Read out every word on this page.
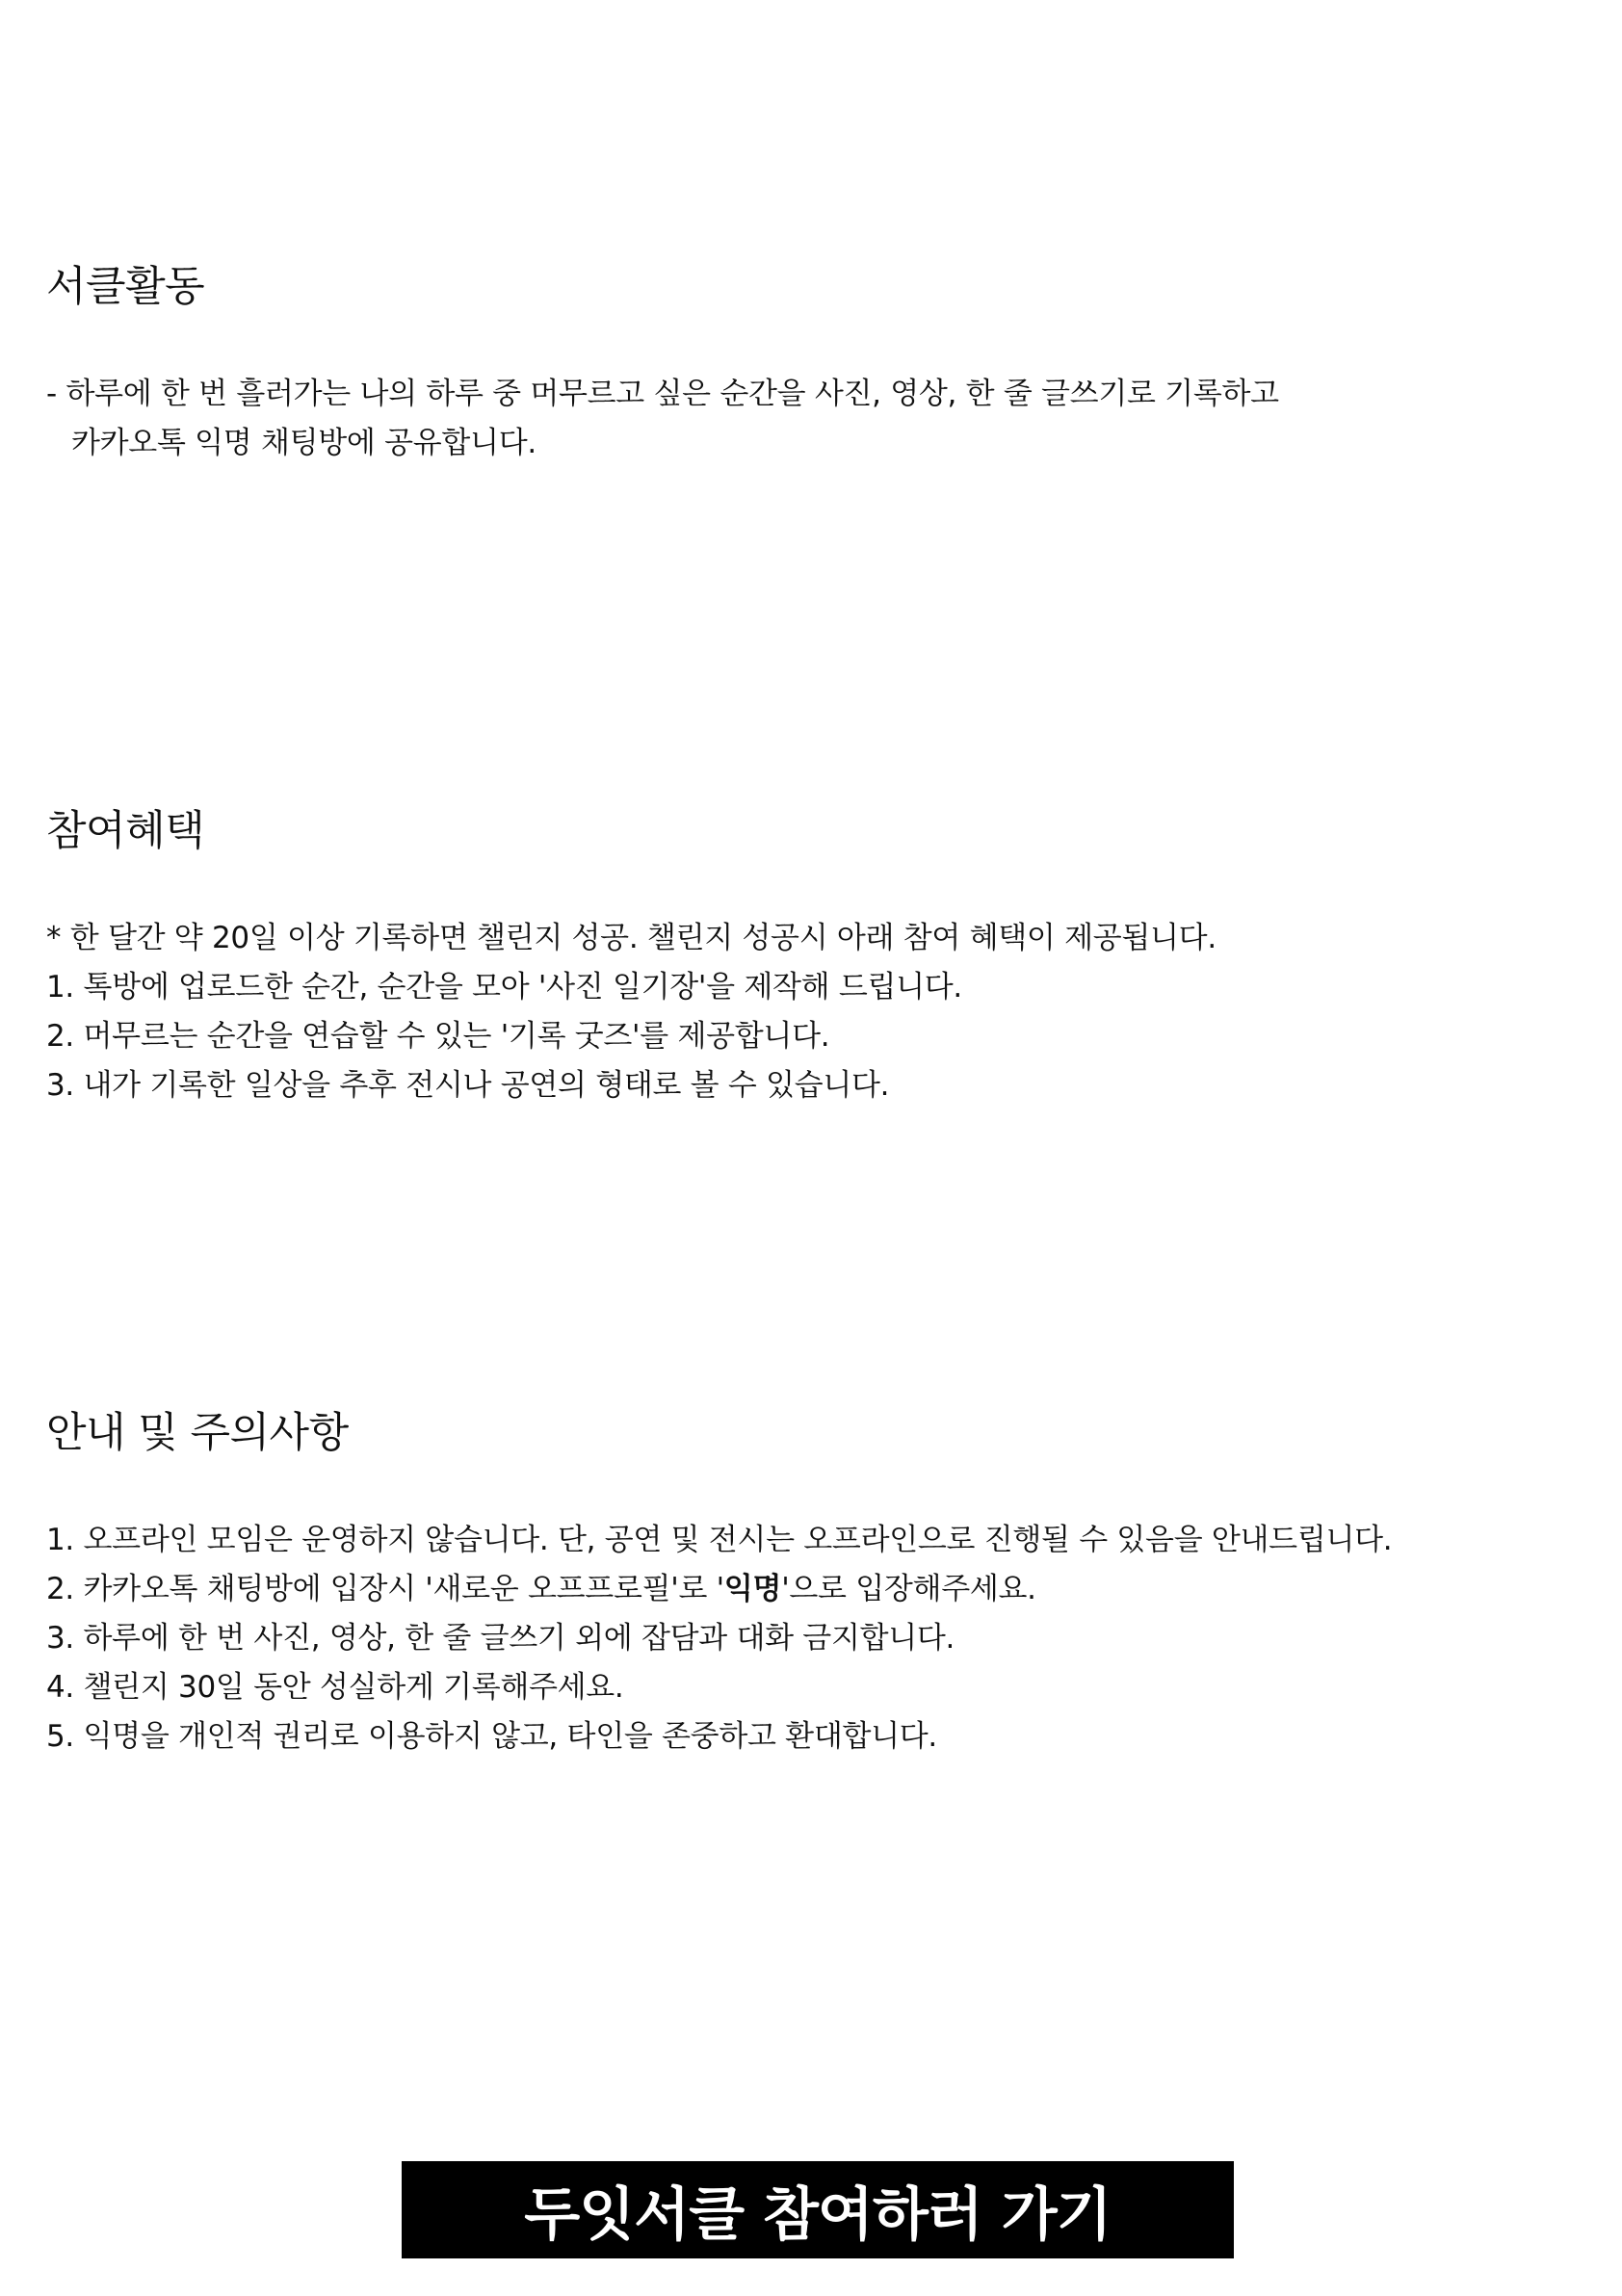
서클활동

- 하루에 한 번 흘러가는 나의 하루 중 머무르고 싶은 순간을 사진, 영상, 한 줄 글쓰기로 기록하고

카카오톡 익명 채팅방에 공유합니다.

참여혜택

* 한 달간 약 20일 이상 기록하면 챌린지 성공. 챌린지 성공시 아래 참여 혜택이 제공됩니다.

1. 톡방에 업로드한 순간, 순간을 모아 '사진 일기장'을 제작해 드립니다.

2. 머무르는 순간을 연습할 수 있는 '기록 굿즈'를 제공합니다.

3. 내가 기록한 일상을 추후 전시나 공연의 형태로 볼 수 있습니다.

안내 및 주의사항

1. 오프라인 모임은 운영하지 않습니다. 단, 공연 및 전시는 오프라인으로 진행될 수 있음을 안내드립니다.

2. 카카오톡 채팅방에 입장시 '새로운 오프프로필'로 '익명'으로 입장해주세요.

3. 하루에 한 번 사진, 영상, 한 줄 글쓰기 외에 잡담과 대화 금지합니다.

4. 챌린지 30일 동안 성실하게 기록해주세요.

5. 익명을 개인적 권리로 이용하지 않고, 타인을 존중하고 환대합니다.

두잇서클 참여하러 가기
